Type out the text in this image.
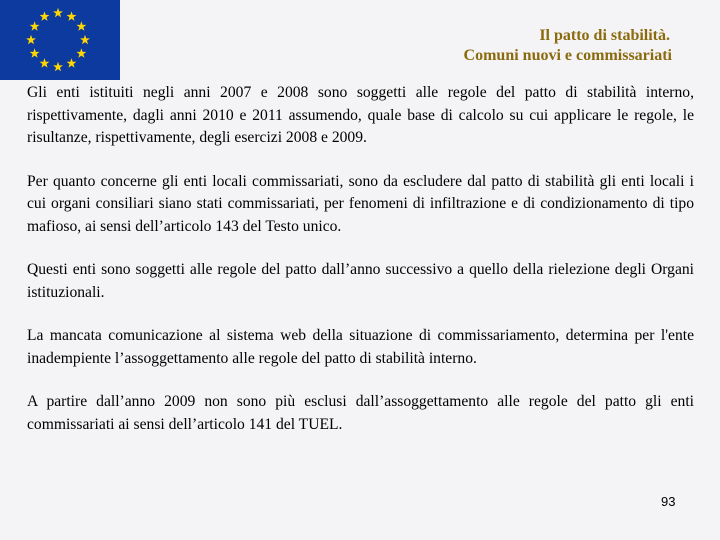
Il patto di stabilità.

Comuni nuovi e commissariati

Gli enti istituiti negli anni 2007 e 2008 sono soggetti alle regole del patto di stabilità interno, rispettivamente, dagli anni 2010 e 2011 assumendo, quale base di calcolo su cui applicare le regole, le risultanze, rispettivamente, degli esercizi 2008 e 2009.

Per quanto concerne gli enti locali commissariati, sono da escludere dal patto di stabilità gli enti locali i cui organi consiliari siano stati commissariati, per fenomeni di infiltrazione e di condizionamento di tipo mafioso, ai sensi dell’articolo 143 del Testo unico.

Questi enti sono soggetti alle regole del patto dall’anno successivo a quello della rielezione degli Organi istituzionali.

La mancata comunicazione al sistema web della situazione di commissariamento, determina per l'ente inadempiente l’assoggettamento alle regole del patto di stabilità interno.

A partire dall’anno 2009 non sono più esclusi dall’assoggettamento alle regole del patto gli enti commissariati ai sensi dell’articolo 141 del TUEL.

93
